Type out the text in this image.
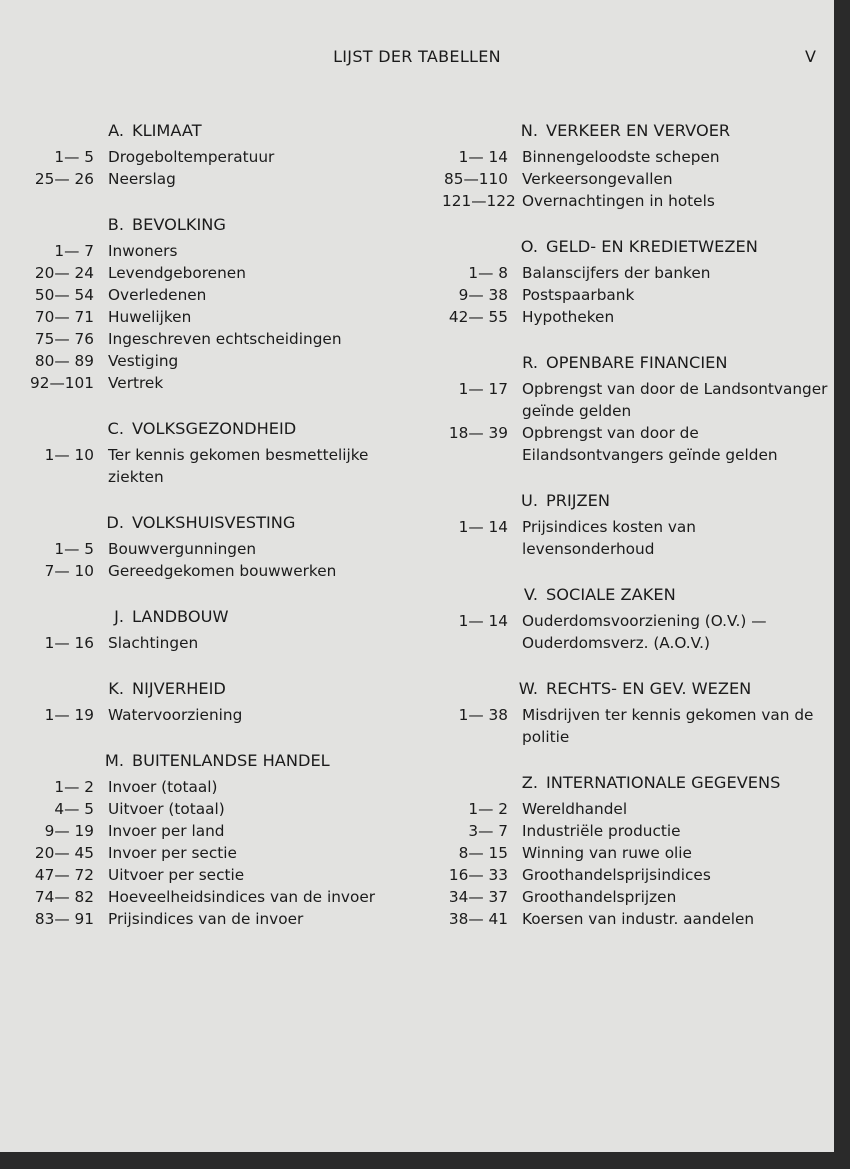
LIJST DER TABELLEN	V
A. KLIMAAT
1— 5 Drogeboltemperatuur
25— 26 Neerslag
B. BEVOLKING
1— 7 Inwoners
20— 24 Levendgeborenen
50— 54 Overledenen
70— 71 Huwelijken
75— 76 Ingeschreven echtscheidingen
80— 89 Vestiging
92—101 Vertrek
C. VOLKSGEZONDHEID
1— 10 Ter kennis gekomen besmettelijke ziekten
D. VOLKSHUISVESTING
1— 5 Bouwvergunningen
7— 10 Gereedgekomen bouwwerken
J. LANDBOUW
1— 16 Slachtingen
K. NIJVERHEID
1— 19 Watervoorziening
M. BUITENLANDSE HANDEL
1— 2 Invoer (totaal)
4— 5 Uitvoer (totaal)
9— 19 Invoer per land
20— 45 Invoer per sectie
47— 72 Uitvoer per sectie
74— 82 Hoeveelheidsindices van de invoer
83— 91 Prijsindices van de invoer
N. VERKEER EN VERVOER
1— 14 Binnengeloodste schepen
85—110 Verkeersongevallen
121—122 Overnachtingen in hotels
O. GELD- EN KREDIETWEZEN
1— 8 Balanscijfers der banken
9— 38 Postspaarbank
42— 55 Hypotheken
R. OPENBARE FINANCIEN
1— 17 Opbrengst van door de Landsontvanger geïnde gelden
18— 39 Opbrengst van door de Eilandsontvangers geïnde gelden
U. PRIJZEN
1— 14 Prijsindices kosten van levensonderhoud
V. SOCIALE ZAKEN
1— 14 Ouderdomsvoorziening (O.V.) — Ouderdomsverz. (A.O.V.)
W. RECHTS- EN GEV. WEZEN
1— 38 Misdrijven ter kennis gekomen van de politie
Z. INTERNATIONALE GEGEVENS
1— 2 Wereldhandel
3— 7 Industriële productie
8— 15 Winning van ruwe olie
16— 33 Groothandelsprijsindices
34— 37 Groothandelsprijzen
38— 41 Koersen van industr. aandelen
